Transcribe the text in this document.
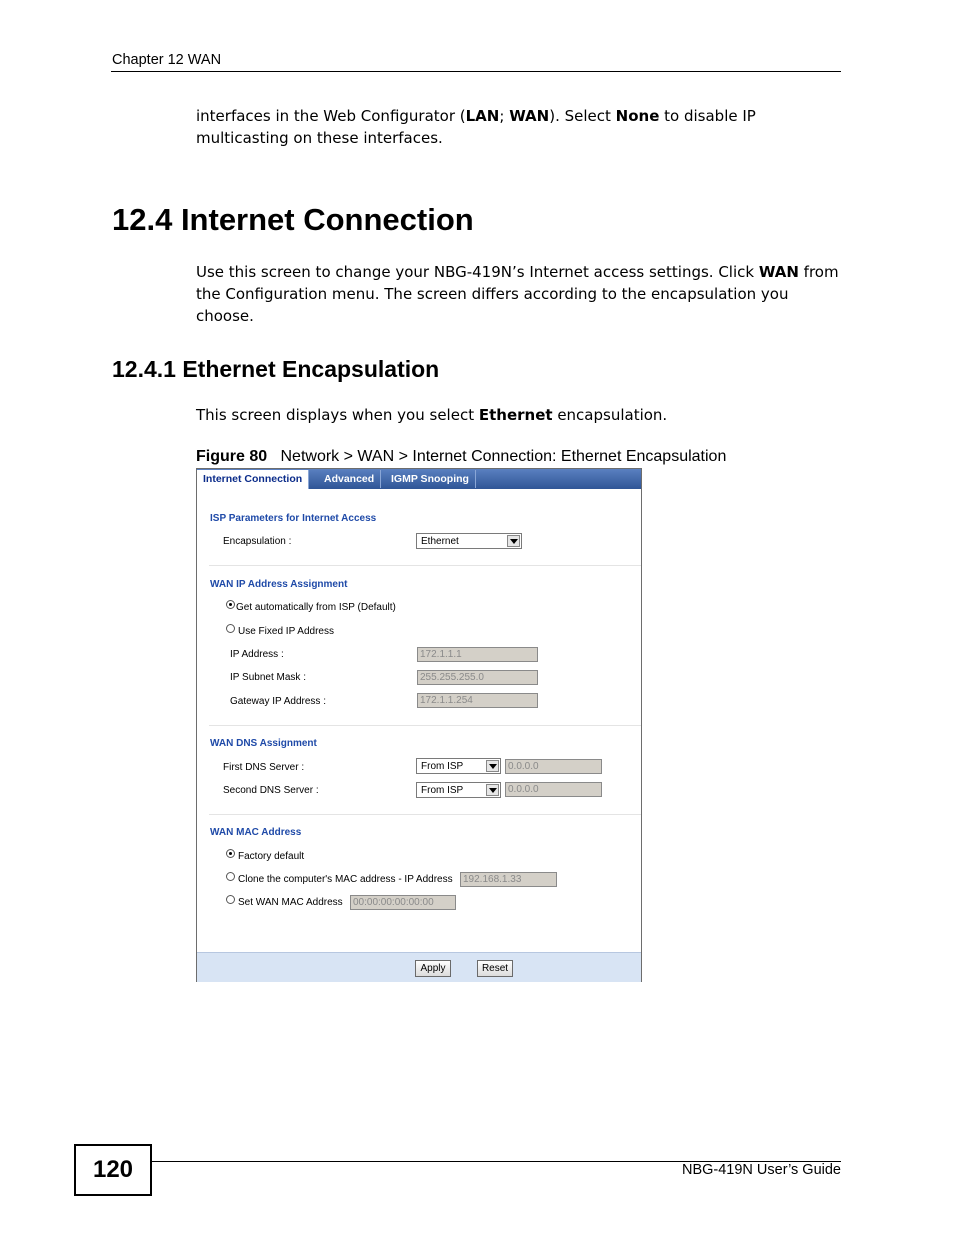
Chapter 12 WAN
interfaces in the Web Configurator (LAN; WAN). Select None to disable IP multicasting on these interfaces.
12.4 Internet Connection
Use this screen to change your NBG-419N’s Internet access settings. Click WAN from the Configuration menu. The screen differs according to the encapsulation you choose.
12.4.1 Ethernet Encapsulation
This screen displays when you select Ethernet encapsulation.
Figure 80 Network > WAN > Internet Connection: Ethernet Encapsulation
Internet Connection	Advanced	IGMP Snooping
ISP Parameters for Internet Access
Encapsulation :	Ethernet
WAN IP Address Assignment
Get automatically from ISP (Default)
Use Fixed IP Address
IP Address :	172.1.1.1
IP Subnet Mask :	255.255.255.0
Gateway IP Address :	172.1.1.254
WAN DNS Assignment
First DNS Server :	From ISP	0.0.0.0
Second DNS Server :	From ISP	0.0.0.0
WAN MAC Address
Factory default
Clone the computer's MAC address - IP Address	192.168.1.33
Set WAN MAC Address	00:00:00:00:00:00
Apply	Reset
120	NBG-419N User’s Guide
